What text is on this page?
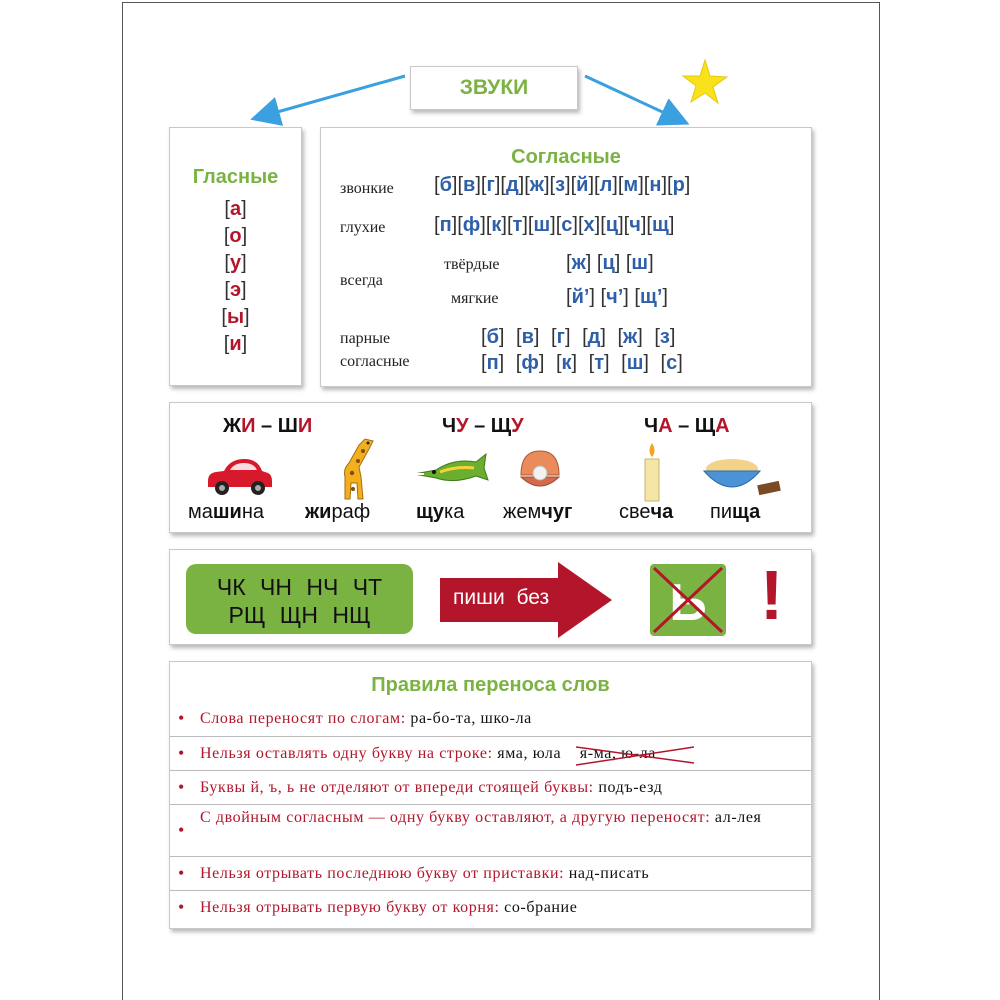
ЗВУКИ
Гласные
[а]
[о]
[у]
[э]
[ы]
[и]
Согласные
звонкие [б][в][г][д][ж][з][й][л][м][н][р]
глухие [п][ф][к][т][ш][с][х][ц][ч][щ]
всегда
твёрдые	[ж] [ц] [ш]
мягкие	[й’] [ч’] [щ’]
парные
согласные
[б] [в] [г] [д] [ж] [з]
[п] [ф] [к] [т] [ш] [с]
ЖИ – ШИ	ЧУ – ЩУ	ЧА – ЩА
машина жираф щука жемчуг свеча пища
ЧК ЧН НЧ ЧТ
РЩ ЩН НЩ
пиши без Ь !
Правила переноса слов
• Слова переносят по слогам: ра-бо-та, шко-ла
• Нельзя оставлять одну букву на строке: яма, юла я-ма, ю-ла
• Буквы й, ъ, ь не отделяют от впереди стоящей буквы: подъ-езд
•
С двойным согласным — одну букву оставляют, а другую переносят: ал-лея
• Нельзя отрывать последнюю букву от приставки: над-писать
• Нельзя отрывать первую букву от корня: со-брание
